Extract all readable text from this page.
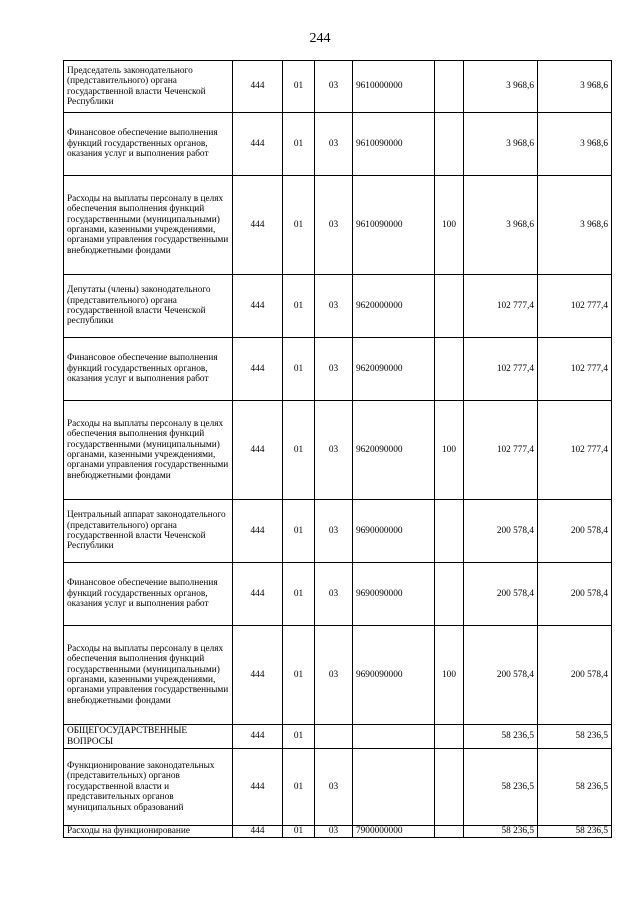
244
Председатель законодательного (представительного) органа государственной власти Чеченской Республики	444	01	03	9610000000		3 968,6	3 968,6
Финансовое обеспечение выполнения функций государственных органов, оказания услуг и выполнения работ	444	01	03	9610090000		3 968,6	3 968,6
Расходы на выплаты персоналу в целях обеспечения выполнения функций государственными (муниципальными) органами, казенными учреждениями, органами управления государственными внебюджетными фондами	444	01	03	9610090000	100	3 968,6	3 968,6
Депутаты (члены) законодательного (представительного) органа государственной власти Чеченской республики	444	01	03	9620000000		102 777,4	102 777,4
Финансовое обеспечение выполнения функций государственных органов, оказания услуг и выполнения работ	444	01	03	9620090000		102 777,4	102 777,4
Расходы на выплаты персоналу в целях обеспечения выполнения функций государственными (муниципальными) органами, казенными учреждениями, органами управления государственными внебюджетными фондами	444	01	03	9620090000	100	102 777,4	102 777,4
Центральный аппарат законодательного (представительного) органа государственной власти Чеченской Республики	444	01	03	9690000000		200 578,4	200 578,4
Финансовое обеспечение выполнения функций государственных органов, оказания услуг и выполнения работ	444	01	03	9690090000		200 578,4	200 578,4
Расходы на выплаты персоналу в целях обеспечения выполнения функций государственными (муниципальными) органами, казенными учреждениями, органами управления государственными внебюджетными фондами	444	01	03	9690090000	100	200 578,4	200 578,4
ОБЩЕГОСУДАРСТВЕННЫЕ ВОПРОСЫ	444	01				58 236,5	58 236,5
Функционирование законодательных (представительных) органов государственной власти и представительных органов муниципальных образований	444	01	03			58 236,5	58 236,5
Расходы на функционирование	444	01	03	7900000000		58 236,5	58 236,5
